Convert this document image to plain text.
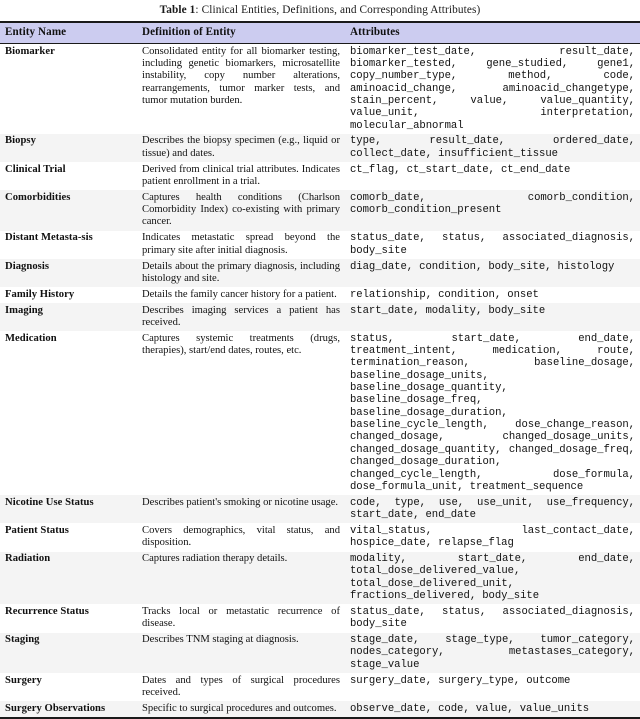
Table 1: Clinical Entities, Definitions, and Corresponding Attributes)

Entity Name	Definition of Entity	Attributes

Biomarker	Consolidated entity for all biomarker testing, including genetic biomarkers, microsatellite instability, copy number alterations, rearrangements, tumor marker tests, and tumor mutation burden.	biomarker_test_date, result_date, biomarker_tested, gene_studied, gene1, copy_number_type, method, code, aminoacid_change, aminoacid_changetype, stain_percent, value, value_quantity, value_unit, interpretation, molecular_abnormal
Biopsy	Describes the biopsy specimen (e.g., liquid or tissue) and dates.	type, result_date, ordered_date, collect_date, insufficient_tissue
Clinical Trial	Derived from clinical trial attributes. Indicates patient enrollment in a trial.	ct_flag, ct_start_date, ct_end_date
Comorbidities	Captures health conditions (Charlson Comorbidity Index) co-existing with primary cancer.	comorb_date, comorb_condition, comorb_condition_present
Distant Metasta-sis	Indicates metastatic spread beyond the primary site after initial diagnosis.	status_date, status, associated_diagnosis, body_site
Diagnosis	Details about the primary diagnosis, including histology and site.	diag_date, condition, body_site, histology
Family History	Details the family cancer history for a patient.	relationship, condition, onset
Imaging	Describes imaging services a patient has received.	start_date, modality, body_site
Medication	Captures systemic treatments (drugs, therapies), start/end dates, routes, etc.	status, start_date, end_date, treatment_intent, medication, route, termination_reason, baseline_dosage, baseline_dosage_units, baseline_dosage_quantity, baseline_dosage_freq, baseline_dosage_duration, baseline_cycle_length, dose_change_reason, changed_dosage, changed_dosage_units, changed_dosage_quantity, changed_dosage_freq, changed_dosage_duration, changed_cycle_length, dose_formula, dose_formula_unit, treatment_sequence
Nicotine Use Status	Describes patient's smoking or nicotine usage.	code, type, use, use_unit, use_frequency, start_date, end_date
Patient Status	Covers demographics, vital status, and disposition.	vital_status, last_contact_date, hospice_date, relapse_flag
Radiation	Captures radiation therapy details.	modality, start_date, end_date, total_dose_delivered_value, total_dose_delivered_unit, fractions_delivered, body_site
Recurrence Status	Tracks local or metastatic recurrence of disease.	status_date, status, associated_diagnosis, body_site
Staging	Describes TNM staging at diagnosis.	stage_date, stage_type, tumor_category, nodes_category, metastases_category, stage_value
Surgery	Dates and types of surgical procedures received.	surgery_date, surgery_type, outcome
Surgery Observations	Specific to surgical procedures and outcomes.	observe_date, code, value, value_units
